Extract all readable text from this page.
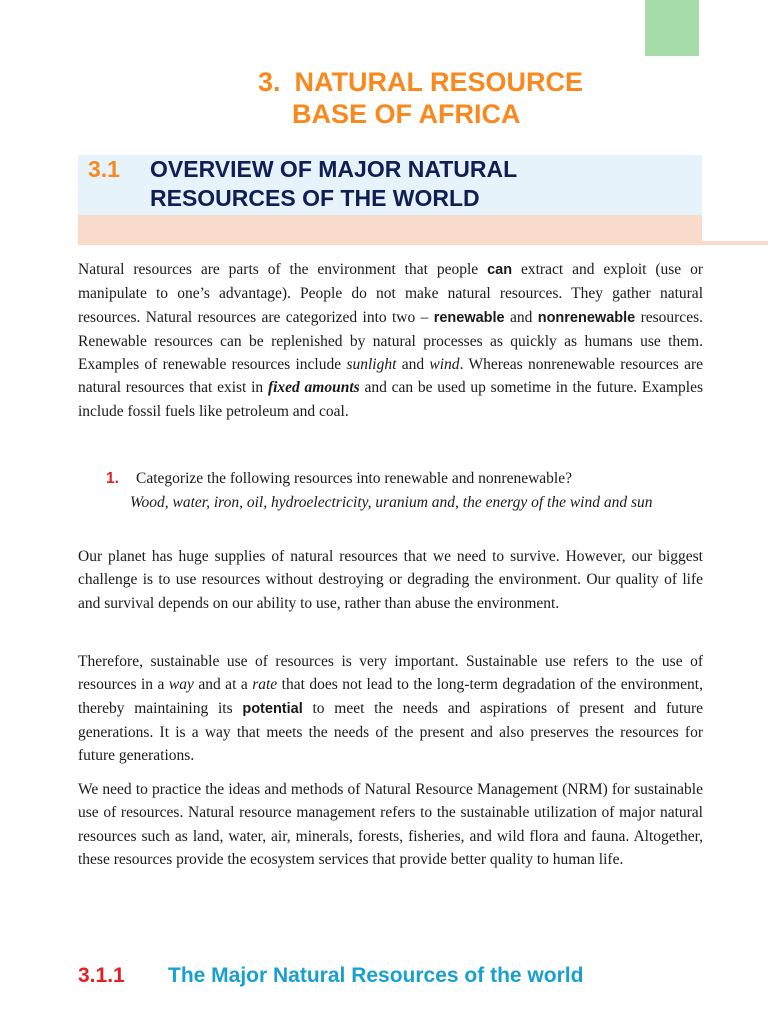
3. NATURAL RESOURCE
BASE OF AFRICA
3.1 OVERVIEW OF MAJOR NATURAL
RESOURCES OF THE WORLD

Natural resources are parts of the environment that people can extract and exploit (use or manipulate to one’s advantage). People do not make natural resources. They gather natural resources. Natural resources are categorized into two – renewable and nonrenewable resources. Renewable resources can be replenished by natural processes as quickly as humans use them. Examples of renewable resources include sunlight and wind. Whereas nonrenewable resources are natural resources that exist in fixed amounts and can be used up sometime in the future. Examples include fossil fuels like petroleum and coal.

1. Categorize the following resources into renewable and nonrenewable?
Wood, water, iron, oil, hydroelectricity, uranium and, the energy of the wind and sun

Our planet has huge supplies of natural resources that we need to survive. However, our biggest challenge is to use resources without destroying or degrading the environment. Our quality of life and survival depends on our ability to use, rather than abuse the environment.

Therefore, sustainable use of resources is very important. Sustainable use refers to the use of resources in a way and at a rate that does not lead to the long-term degradation of the environment, thereby maintaining its potential to meet the needs and aspirations of present and future generations. It is a way that meets the needs of the present and also preserves the resources for future generations.

We need to practice the ideas and methods of Natural Resource Management (NRM) for sustainable use of resources. Natural resource management refers to the sustainable utilization of major natural resources such as land, water, air, minerals, forests, fisheries, and wild flora and fauna. Altogether, these resources provide the ecosystem services that provide better quality to human life.

3.1.1 The Major Natural Resources of the world
